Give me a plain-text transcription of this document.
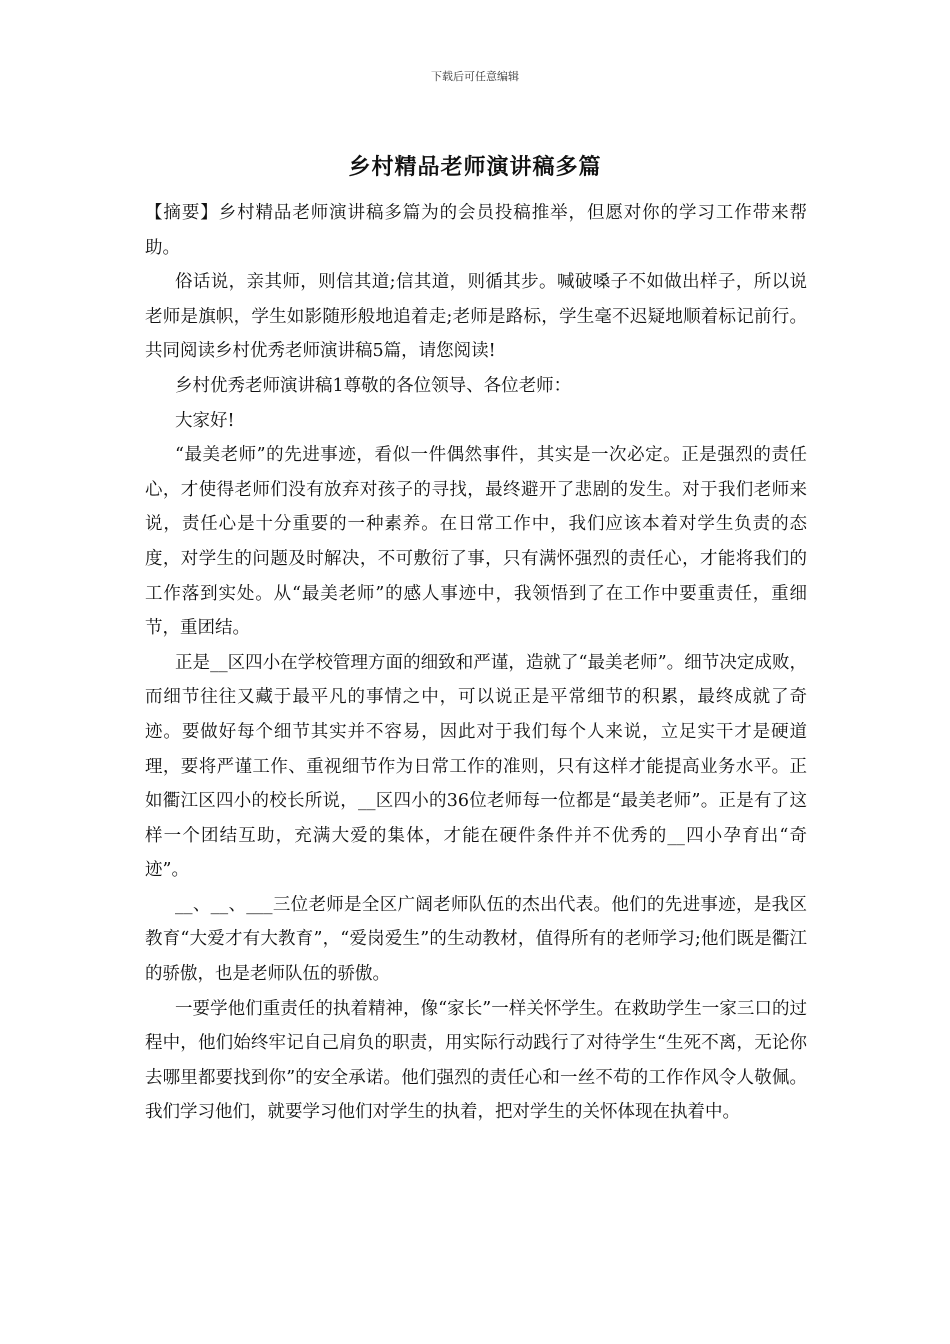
下载后可任意编辑
乡村精品老师演讲稿多篇

【摘要】乡村精品老师演讲稿多篇为的会员投稿推举，但愿对你的学习工作带来帮助。

俗话说，亲其师，则信其道;信其道，则循其步。喊破嗓子不如做出样子，所以说老师是旗帜，学生如影随形般地追着走;老师是路标，学生毫不迟疑地顺着标记前行。共同阅读乡村优秀老师演讲稿5篇，请您阅读!

乡村优秀老师演讲稿1尊敬的各位领导、各位老师：

大家好!

“最美老师”的先进事迹，看似一件偶然事件，其实是一次必定。正是强烈的责任心，才使得老师们没有放弃对孩子的寻找，最终避开了悲剧的发生。对于我们老师来说，责任心是十分重要的一种素养。在日常工作中，我们应该本着对学生负责的态度，对学生的问题及时解决，不可敷衍了事，只有满怀强烈的责任心，才能将我们的工作落到实处。从“最美老师”的感人事迹中，我领悟到了在工作中要重责任，重细节，重团结。

正是__区四小在学校管理方面的细致和严谨，造就了“最美老师”。细节决定成败，而细节往往又藏于最平凡的事情之中，可以说正是平常细节的积累，最终成就了奇迹。要做好每个细节其实并不容易，因此对于我们每个人来说，立足实干才是硬道理，要将严谨工作、重视细节作为日常工作的准则，只有这样才能提高业务水平。正如衢江区四小的校长所说，__区四小的36位老师每一位都是“最美老师”。正是有了这样一个团结互助，充满大爱的集体，才能在硬件条件并不优秀的__四小孕育出“奇迹”。

__、__、___三位老师是全区广阔老师队伍的杰出代表。他们的先进事迹，是我区教育“大爱才有大教育”，“爱岗爱生”的生动教材，值得所有的老师学习;他们既是衢江的骄傲，也是老师队伍的骄傲。

一要学他们重责任的执着精神，像“家长”一样关怀学生。在救助学生一家三口的过程中，他们始终牢记自己肩负的职责，用实际行动践行了对待学生“生死不离，无论你去哪里都要找到你”的安全承诺。他们强烈的责任心和一丝不苟的工作作风令人敬佩。我们学习他们，就要学习他们对学生的执着，把对学生的关怀体现在执着中。
